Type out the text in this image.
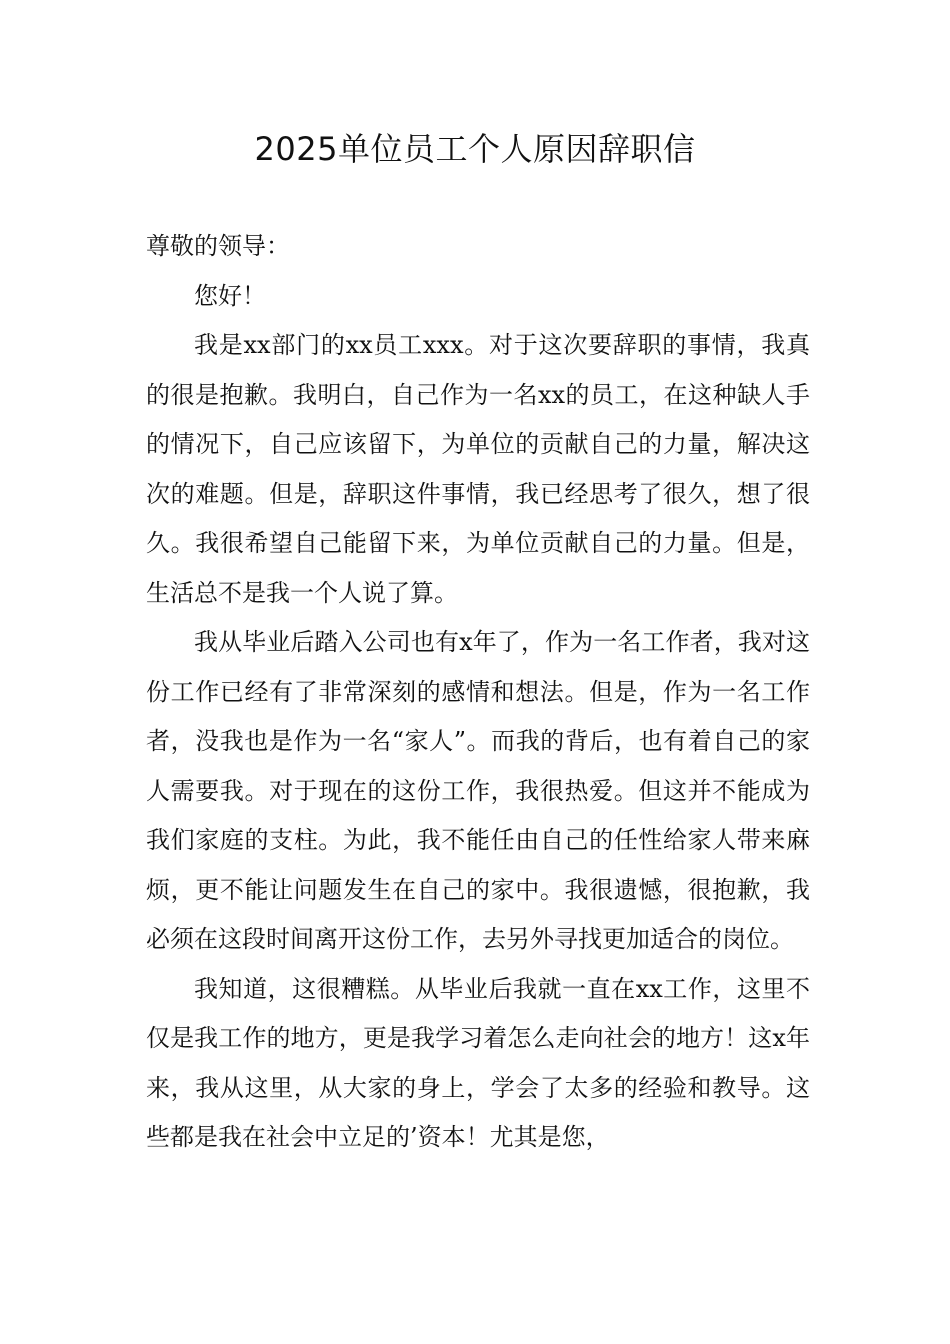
2025单位员工个人原因辞职信

尊敬的领导：

您好！

我是xx部门的xx员工xxx。对于这次要辞职的事情，我真的很是抱歉。我明白，自己作为一名xx的员工，在这种缺人手的情况下，自己应该留下，为单位的贡献自己的力量，解决这次的难题。但是，辞职这件事情，我已经思考了很久，想了很久。我很希望自己能留下来，为单位贡献自己的力量。但是，生活总不是我一个人说了算。

我从毕业后踏入公司也有x年了，作为一名工作者，我对这份工作已经有了非常深刻的感情和想法。但是，作为一名工作者，没我也是作为一名“家人”。而我的背后，也有着自己的家人需要我。对于现在的这份工作，我很热爱。但这并不能成为我们家庭的支柱。为此，我不能任由自己的任性给家人带来麻烦，更不能让问题发生在自己的家中。我很遗憾，很抱歉，我必须在这段时间离开这份工作，去另外寻找更加适合的岗位。

我知道，这很糟糕。从毕业后我就一直在xx工作，这里不仅是我工作的地方，更是我学习着怎么走向社会的地方！这x年来，我从这里，从大家的身上，学会了太多的经验和教导。这些都是我在社会中立足的’资本！尤其是您，
